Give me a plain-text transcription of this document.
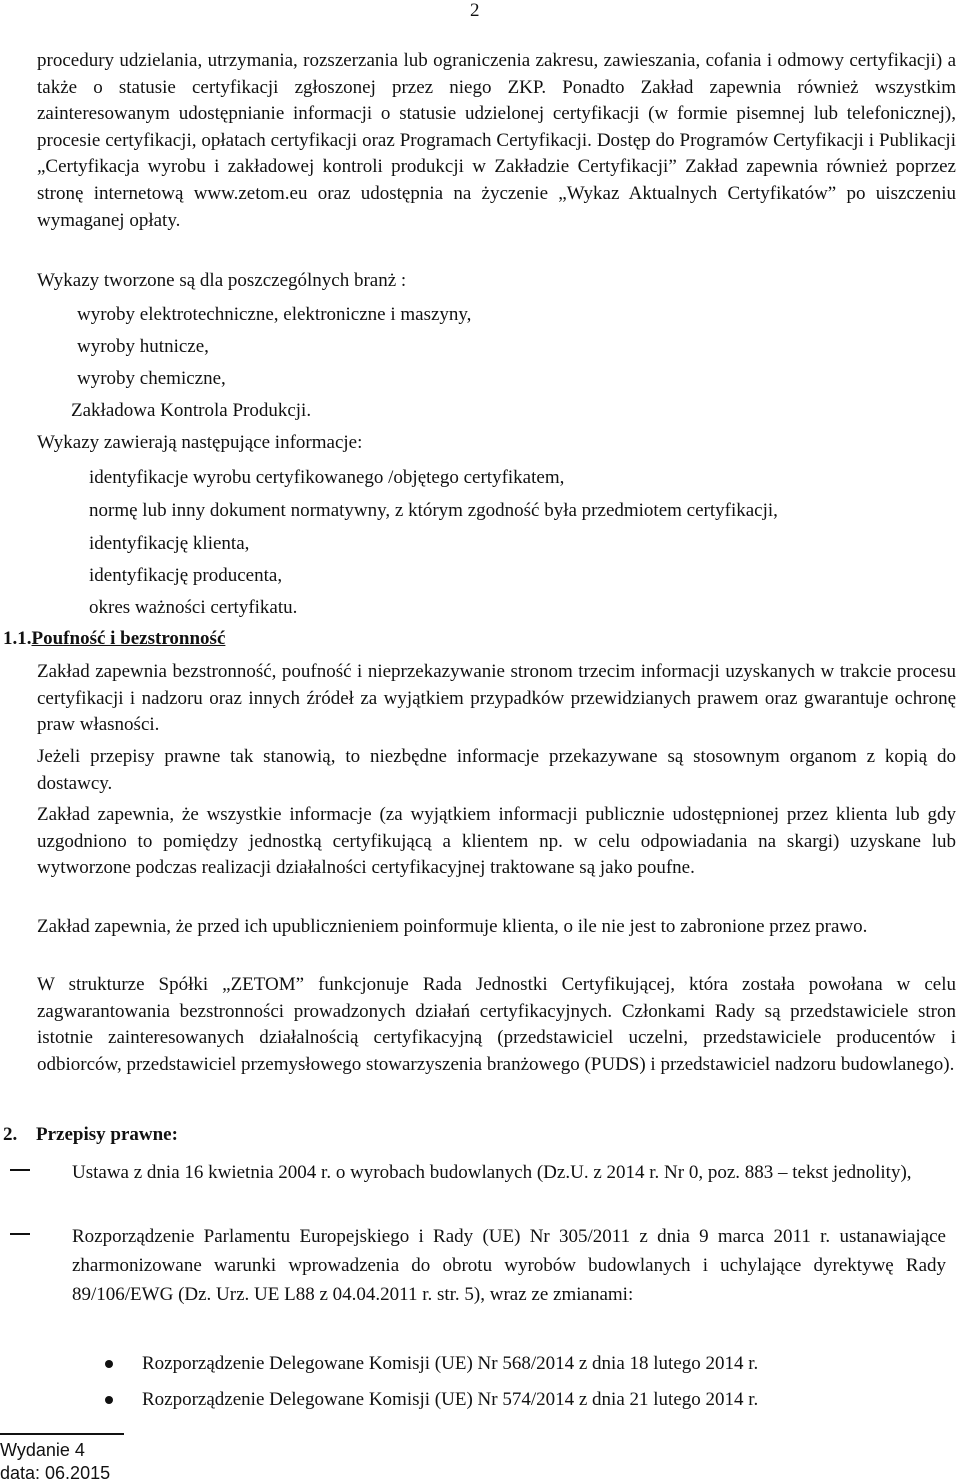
2

procedury udzielania, utrzymania, rozszerzania lub ograniczenia zakresu, zawieszania, cofania i odmowy certyfikacji) a także o statusie certyfikacji zgłoszonej przez niego ZKP. Ponadto Zakład zapewnia również wszystkim zainteresowanym udostępnianie informacji o statusie udzielonej certyfikacji (w formie pisemnej lub telefonicznej), procesie certyfikacji, opłatach certyfikacji oraz Programach Certyfikacji. Dostęp do Programów Certyfikacji i Publikacji „Certyfikacja wyrobu i zakładowej kontroli produkcji w Zakładzie Certyfikacji” Zakład zapewnia również poprzez stronę internetową www.zetom.eu oraz udostępnia na życzenie „Wykaz Aktualnych Certyfikatów” po uiszczeniu wymaganej opłaty.

Wykazy tworzone są dla poszczególnych branż :

wyroby elektrotechniczne, elektroniczne i maszyny,

wyroby hutnicze,

wyroby chemiczne,

Zakładowa Kontrola Produkcji.

Wykazy zawierają następujące informacje:

identyfikacje wyrobu certyfikowanego /objętego certyfikatem,

normę lub inny dokument normatywny, z którym zgodność była przedmiotem certyfikacji,

identyfikację klienta,

identyfikację producenta,

okres ważności certyfikatu.

1.1.Poufność i bezstronność

Zakład zapewnia bezstronność, poufność i nieprzekazywanie stronom trzecim informacji uzyskanych w trakcie procesu certyfikacji i nadzoru oraz innych źródeł za wyjątkiem przypadków przewidzianych prawem oraz gwarantuje ochronę praw własności.

Jeżeli przepisy prawne tak stanowią, to niezbędne informacje przekazywane są stosownym organom z kopią do dostawcy.

Zakład zapewnia, że wszystkie informacje (za wyjątkiem informacji publicznie udostępnionej przez klienta lub gdy uzgodniono to pomiędzy jednostką certyfikującą a klientem np. w celu odpowiadania na skargi) uzyskane lub wytworzone podczas realizacji działalności certyfikacyjnej traktowane są jako poufne.

Zakład zapewnia, że przed ich upublicznieniem poinformuje klienta, o ile nie jest to zabronione przez prawo.

W strukturze Spółki „ZETOM” funkcjonuje Rada Jednostki Certyfikującej, która została powołana w celu zagwarantowania bezstronności prowadzonych działań certyfikacyjnych. Członkami Rady są przedstawiciele stron istotnie zainteresowanych działalnością certyfikacyjną (przedstawiciel uczelni, przedstawiciele producentów i odbiorców, przedstawiciel przemysłowego stowarzyszenia branżowego (PUDS) i przedstawiciel nadzoru budowlanego).

2. Przepisy prawne:

Ustawa z dnia 16 kwietnia 2004 r. o wyrobach budowlanych (Dz.U. z 2014 r. Nr 0, poz. 883 – tekst jednolity),

Rozporządzenie Parlamentu Europejskiego i Rady (UE) Nr 305/2011 z dnia 9 marca 2011 r. ustanawiające zharmonizowane warunki wprowadzenia do obrotu wyrobów budowlanych i uchylające dyrektywę Rady 89/106/EWG (Dz. Urz. UE L88 z 04.04.2011 r. str. 5), wraz ze zmianami:

Rozporządzenie Delegowane Komisji (UE) Nr 568/2014 z dnia 18 lutego 2014 r.
Rozporządzenie Delegowane Komisji (UE) Nr 574/2014 z dnia 21 lutego 2014 r.
Wydanie 4
data: 06.2015
